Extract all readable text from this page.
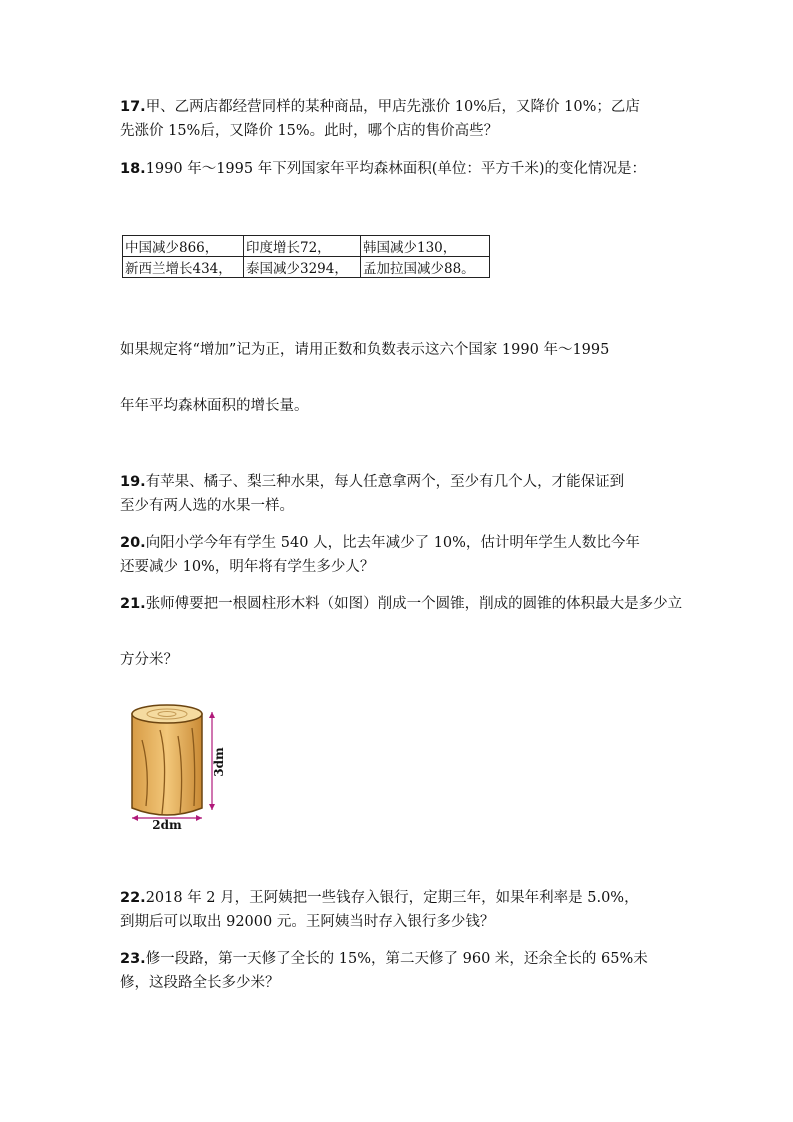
17.甲、乙两店都经营同样的某种商品，甲店先涨价 10%后，又降价 10%；乙店
先涨价 15%后，又降价 15%。此时，哪个店的售价高些？
18.1990 年～1995 年下列国家年平均森林面积(单位：平方千米)的变化情况是：
中国减少866，	印度增长72，	韩国减少130，
新西兰增长434，	泰国减少3294，	孟加拉国减少88。
如果规定将“增加”记为正，请用正数和负数表示这六个国家 1990 年～1995
年年平均森林面积的增长量。
19.有苹果、橘子、梨三种水果，每人任意拿两个，至少有几个人，才能保证到
至少有两人选的水果一样。
20.向阳小学今年有学生 540 人，比去年减少了 10%，估计明年学生人数比今年
还要减少 10%，明年将有学生多少人？
21.张师傅要把一根圆柱形木料（如图）削成一个圆锥，削成的圆锥的体积最大是多少立
方分米？
3dm
2dm
22.2018 年 2 月，王阿姨把一些钱存入银行，定期三年，如果年利率是 5.0%，
到期后可以取出 92000 元。王阿姨当时存入银行多少钱？
23.修一段路，第一天修了全长的 15%，第二天修了 960 米，还余全长的 65%未
修，这段路全长多少米？
